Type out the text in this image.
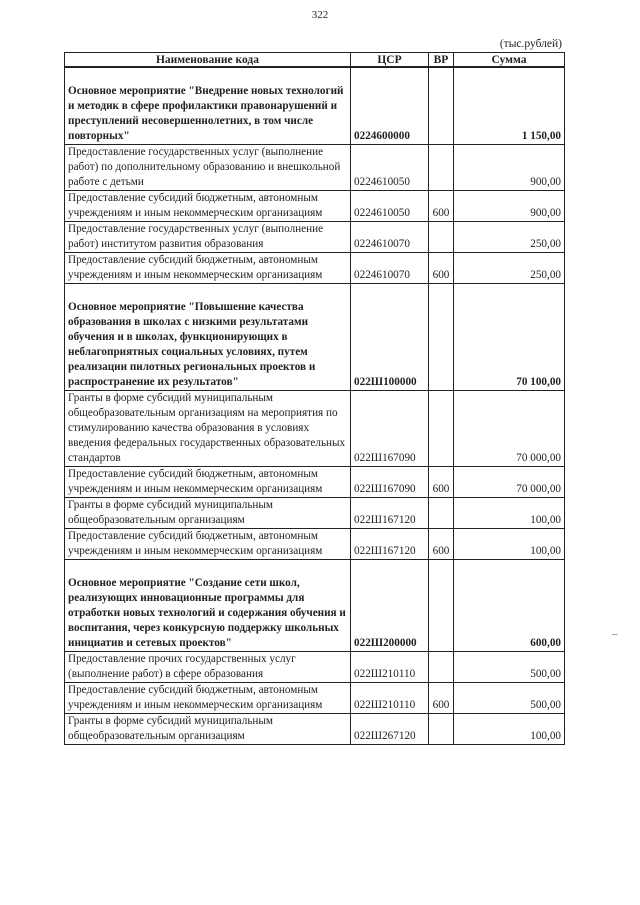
322
(тыс.рублей)
Наименование кода	ЦСР	ВР	Сумма
Основное мероприятие "Внедрение новых технологий и методик в сфере профилактики правонарушений и преступлений несовершеннолетних, в том числе повторных"	0224600000		1 150,00
Предоставление государственных услуг (выполнение работ) по дополнительному образованию и внешкольной работе с детьми	0224610050		900,00
Предоставление субсидий бюджетным, автономным учреждениям и иным некоммерческим организациям	0224610050	600	900,00
Предоставление государственных услуг (выполнение работ) институтом развития образования	0224610070		250,00
Предоставление субсидий бюджетным, автономным учреждениям и иным некоммерческим организациям	0224610070	600	250,00
Основное мероприятие "Повышение качества образования в школах с низкими результатами обучения и в школах, функционирующих в неблагоприятных социальных условиях, путем реализации пилотных региональных проектов и распространение их результатов"	022Ш100000		70 100,00
Гранты в форме субсидий муниципальным общеобразовательным организациям на мероприятия по стимулированию качества образования в условиях введения федеральных государственных образовательных стандартов	022Ш167090		70 000,00
Предоставление субсидий бюджетным, автономным учреждениям и иным некоммерческим организациям	022Ш167090	600	70 000,00
Гранты в форме субсидий муниципальным общеобразовательным организациям	022Ш167120		100,00
Предоставление субсидий бюджетным, автономным учреждениям и иным некоммерческим организациям	022Ш167120	600	100,00
Основное мероприятие "Создание сети школ, реализующих инновационные программы для отработки новых технологий и содержания обучения и воспитания, через конкурсную поддержку школьных инициатив и сетевых проектов"	022Ш200000		600,00
Предоставление прочих государственных услуг (выполнение работ) в сфере образования	022Ш210110		500,00
Предоставление субсидий бюджетным, автономным учреждениям и иным некоммерческим организациям	022Ш210110	600	500,00
Гранты в форме субсидий муниципальным общеобразовательным организациям	022Ш267120		100,00
–
